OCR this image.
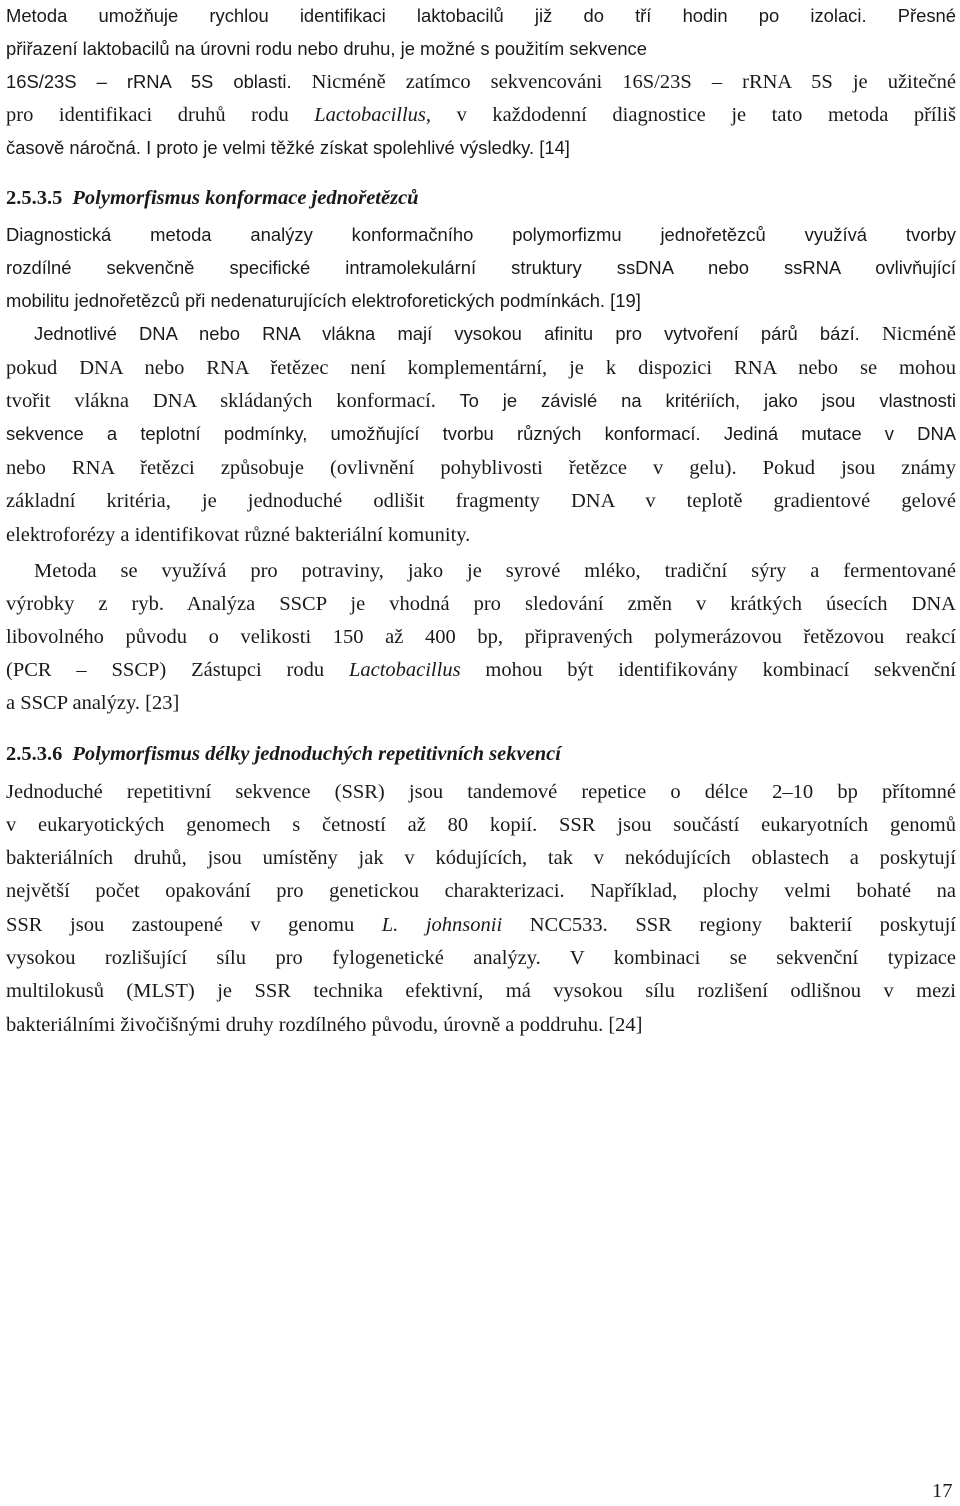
Metoda umožňuje rychlou identifikaci laktobacilů již do tří hodin po izolaci. Přesné
přiřazení laktobacilů na úrovni rodu nebo druhu, je možné s použitím sekvence
16S/23S – rRNA 5S oblasti. Nicméně zatímco sekvencováni 16S/23S – rRNA 5S je užitečné
pro identifikaci druhů rodu Lactobacillus, v každodenní diagnostice je tato metoda příliš
časově náročná. I proto je velmi těžké získat spolehlivé výsledky. [14]
2.5.3.5 Polymorfismus konformace jednořetězců
Diagnostická metoda analýzy konformačního polymorfizmu jednořetězců využívá tvorby
rozdílné sekvenčně specifické intramolekulární struktury ssDNA nebo ssRNA ovlivňující
mobilitu jednořetězců při nedenaturujících elektroforetických podmínkách. [19]
Jednotlivé DNA nebo RNA vlákna mají vysokou afinitu pro vytvoření párů bází. Nicméně
pokud DNA nebo RNA řetězec není komplementární, je k dispozici RNA nebo se mohou
tvořit vlákna DNA skládaných konformací. To je závislé na kritériích, jako jsou vlastnosti
sekvence a teplotní podmínky, umožňující tvorbu různých konformací. Jediná mutace v DNA
nebo RNA řetězci způsobuje (ovlivnění pohyblivosti řetězce v gelu). Pokud jsou známy
základní kritéria, je jednoduché odlišit fragmenty DNA v teplotě gradientové gelové
elektroforézy a identifikovat různé bakteriální komunity.
Metoda se využívá pro potraviny, jako je syrové mléko, tradiční sýry a fermentované
výrobky z ryb. Analýza SSCP je vhodná pro sledování změn v krátkých úsecích DNA
libovolného původu o velikosti 150 až 400 bp, připravených polymerázovou řetězovou reakcí
(PCR – SSCP) Zástupci rodu Lactobacillus mohou být identifikovány kombinací sekvenční
a SSCP analýzy. [23]
2.5.3.6 Polymorfismus délky jednoduchých repetitivních sekvencí
Jednoduché repetitivní sekvence (SSR) jsou tandemové repetice o délce 2–10 bp přítomné
v eukaryotických genomech s četností až 80 kopií. SSR jsou součástí eukaryotních genomů
bakteriálních druhů, jsou umístěny jak v kódujících, tak v nekódujících oblastech a poskytují
největší počet opakování pro genetickou charakterizaci. Například, plochy velmi bohaté na
SSR jsou zastoupené v genomu L. johnsonii NCC533. SSR regiony bakterií poskytují
vysokou rozlišující sílu pro fylogenetické analýzy. V kombinaci se sekvenční typizace
multilokusů (MLST) je SSR technika efektivní, má vysokou sílu rozlišení odlišnou v mezi
bakteriálními živočišnými druhy rozdílného původu, úrovně a poddruhu. [24]
17
